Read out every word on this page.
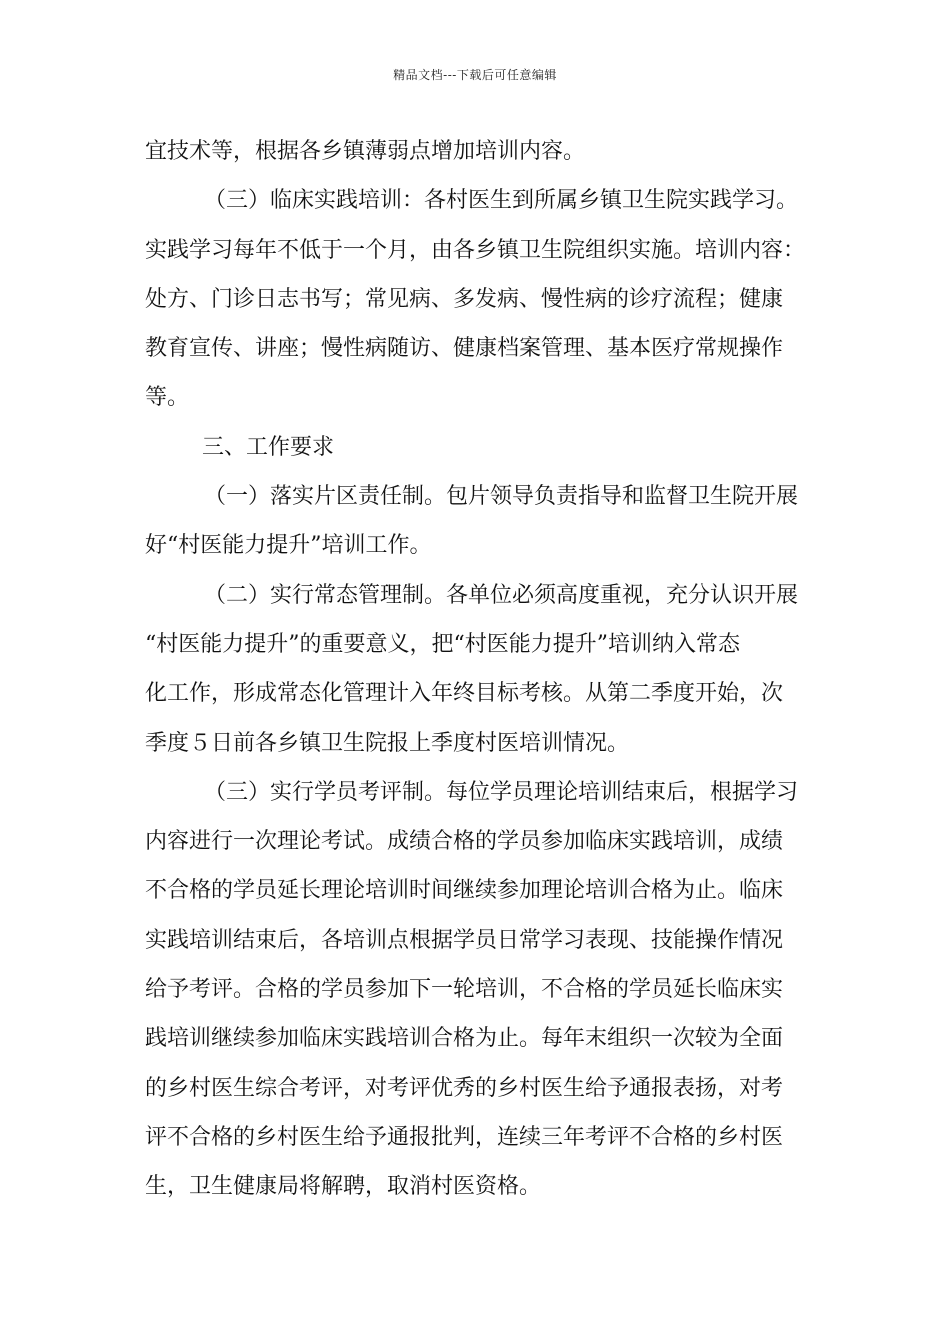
精品文档---下载后可任意编辑
宜技术等，根据各乡镇薄弱点增加培训内容。
（三）临床实践培训：各村医生到所属乡镇卫生院实践学习。
实践学习每年不低于一个月，由各乡镇卫生院组织实施。培训内容：
处方、门诊日志书写；常见病、多发病、慢性病的诊疗流程；健康
教育宣传、讲座；慢性病随访、健康档案管理、基本医疗常规操作
等。
三、工作要求
（一）落实片区责任制。包片领导负责指导和监督卫生院开展
好“村医能力提升”培训工作。
（二）实行常态管理制。各单位必须高度重视，充分认识开展
“村医能力提升”的重要意义，把“村医能力提升”培训纳入常态
化工作，形成常态化管理计入年终目标考核。从第二季度开始，次
季度５日前各乡镇卫生院报上季度村医培训情况。
（三）实行学员考评制。每位学员理论培训结束后，根据学习
内容进行一次理论考试。成绩合格的学员参加临床实践培训，成绩
不合格的学员延长理论培训时间继续参加理论培训合格为止。临床
实践培训结束后，各培训点根据学员日常学习表现、技能操作情况
给予考评。合格的学员参加下一轮培训，不合格的学员延长临床实
践培训继续参加临床实践培训合格为止。每年末组织一次较为全面
的乡村医生综合考评，对考评优秀的乡村医生给予通报表扬，对考
评不合格的乡村医生给予通报批判，连续三年考评不合格的乡村医
生，卫生健康局将解聘，取消村医资格。
